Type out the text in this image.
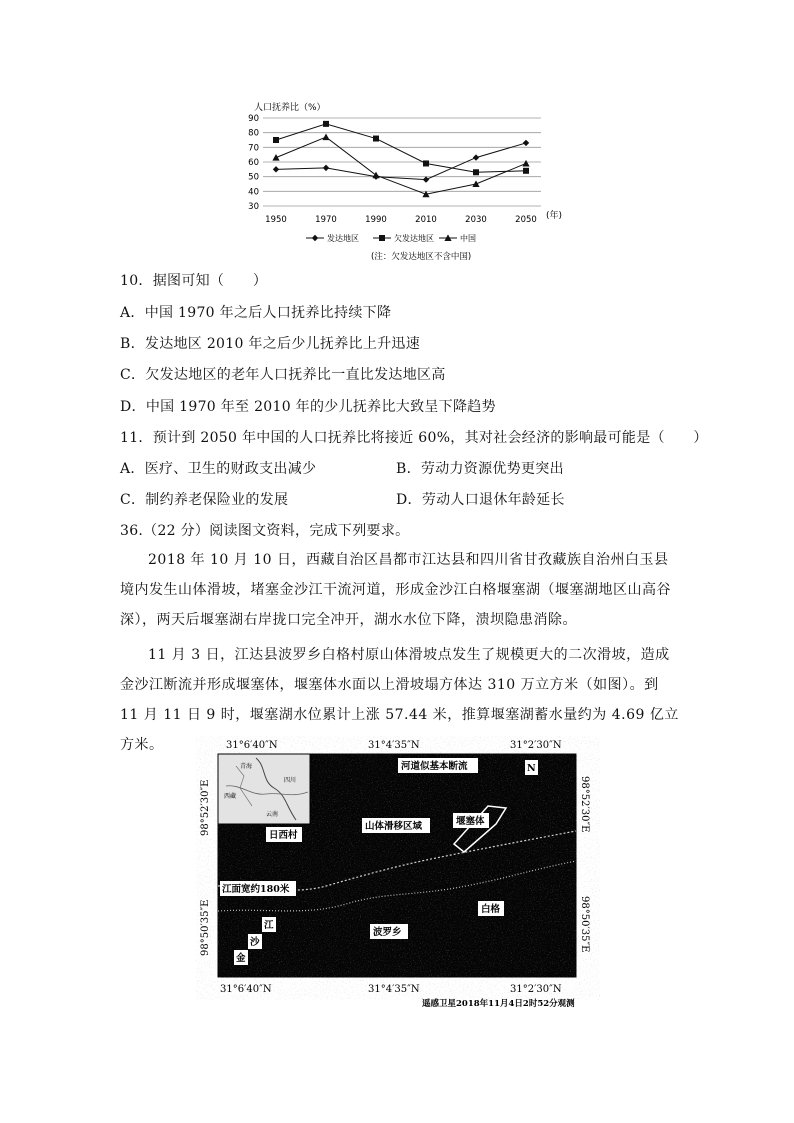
人口抚养比（%）
30
40
50
60
70
80
90
1950	1970	1990	2010	2030	2050 (年)
发达地区	欠发达地区	中国
(注：欠发达地区不含中国)
10．据图可知（　　）
A．中国 1970 年之后人口抚养比持续下降
B．发达地区 2010 年之后少儿抚养比上升迅速
C．欠发达地区的老年人口抚养比一直比发达地区高
D．中国 1970 年至 2010 年的少儿抚养比大致呈下降趋势
11．预计到 2050 年中国的人口抚养比将接近 60%，其对社会经济的影响最可能是（　　）
A．医疗、卫生的财政支出减少	B．劳动力资源优势更突出
C．制约养老保险业的发展	D．劳动人口退休年龄延长
36.（22 分）阅读图文资料，完成下列要求。
2018 年 10 月 10 日，西藏自治区昌都市江达县和四川省甘孜藏族自治州白玉县境内发生山体滑坡，堵塞金沙江干流河道，形成金沙江白格堰塞湖（堰塞湖地区山高谷深），两天后堰塞湖右岸拢口完全冲开，湖水水位下降，溃坝隐患消除。
11 月 3 日，江达县波罗乡白格村原山体滑坡点发生了规模更大的二次滑坡，造成金沙江断流并形成堰塞体，堰塞体水面以上滑坡塌方体达 310 万立方米（如图）。到 11 月 11 日 9 时，堰塞湖水位累计上涨 57.44 米，推算堰塞湖蓄水量约为 4.69 亿立方米。	31°6′40″N	31°4′35″N	31°2′30″N
青海
西藏
四川
云南
河道似基本断流	N
山体滑移区域	堰塞体
日西村
江面宽约180米
白格
波罗乡
江
沙
金
98°52′30″E
98°50′35″E
98°52′30″E
98°50′35″E
31°6′40″N	31°4′35″N	31°2′30″N
遥感卫星2018年11月4日2时52分观测
